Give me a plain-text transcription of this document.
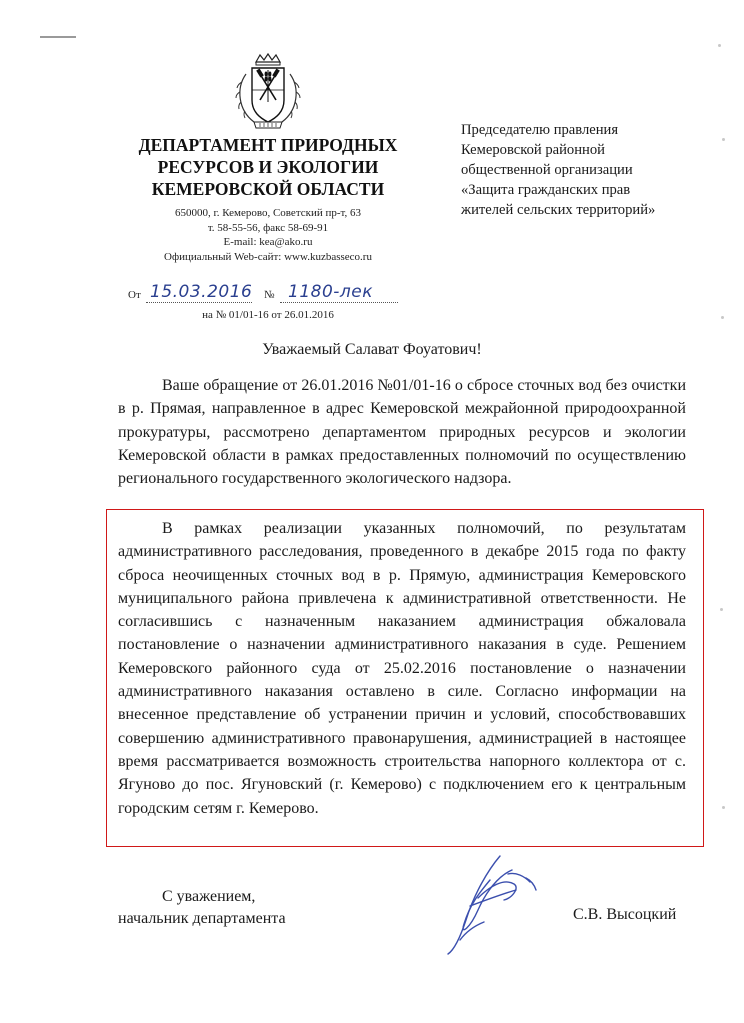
ДЕПАРТАМЕНТ ПРИРОДНЫХ
РЕСУРСОВ И ЭКОЛОГИИ
КЕМЕРОВСКОЙ ОБЛАСТИ
650000, г. Кемерово, Советский пр-т, 63
т. 58-55-56, факс 58-69-91
E-mail: kea@ako.ru
Официальный Web-сайт: www.kuzbasseco.ru
От 15.03.2016 № 1180-лек
на № 01/01-16 от 26.01.2016
Председателю правления
Кемеровской районной
общественной организации
«Защита гражданских прав
жителей сельских территорий»
Уважаемый Салават Фоуатович!

Ваше обращение от 26.01.2016 №01/01-16 о сбросе сточных вод без очистки в р. Прямая, направленное в адрес Кемеровской межрайонной природоохранной прокуратуры, рассмотрено департаментом природных ресурсов и экологии Кемеровской области в рамках предоставленных полномочий по осуществлению регионального государственного экологического надзора.

В рамках реализации указанных полномочий, по результатам административного расследования, проведенного в декабре 2015 года по факту сброса неочищенных сточных вод в р. Прямую, администрация Кемеровского муниципального района привлечена к административной ответственности. Не согласившись с назначенным наказанием администрация обжаловала постановление о назначении административного наказания в суде. Решением Кемеровского районного суда от 25.02.2016 постановление о назначении административного наказания оставлено в силе. Согласно информации на внесенное представление об устранении причин и условий, способствовавших совершению административного правонарушения, администрацией в настоящее время рассматривается возможность строительства напорного коллектора от с. Ягуново до пос. Ягуновский (г. Кемерово) с подключением его к центральным городским сетям г. Кемерово.

С уважением,
начальник департамента	С.В. Высоцкий
